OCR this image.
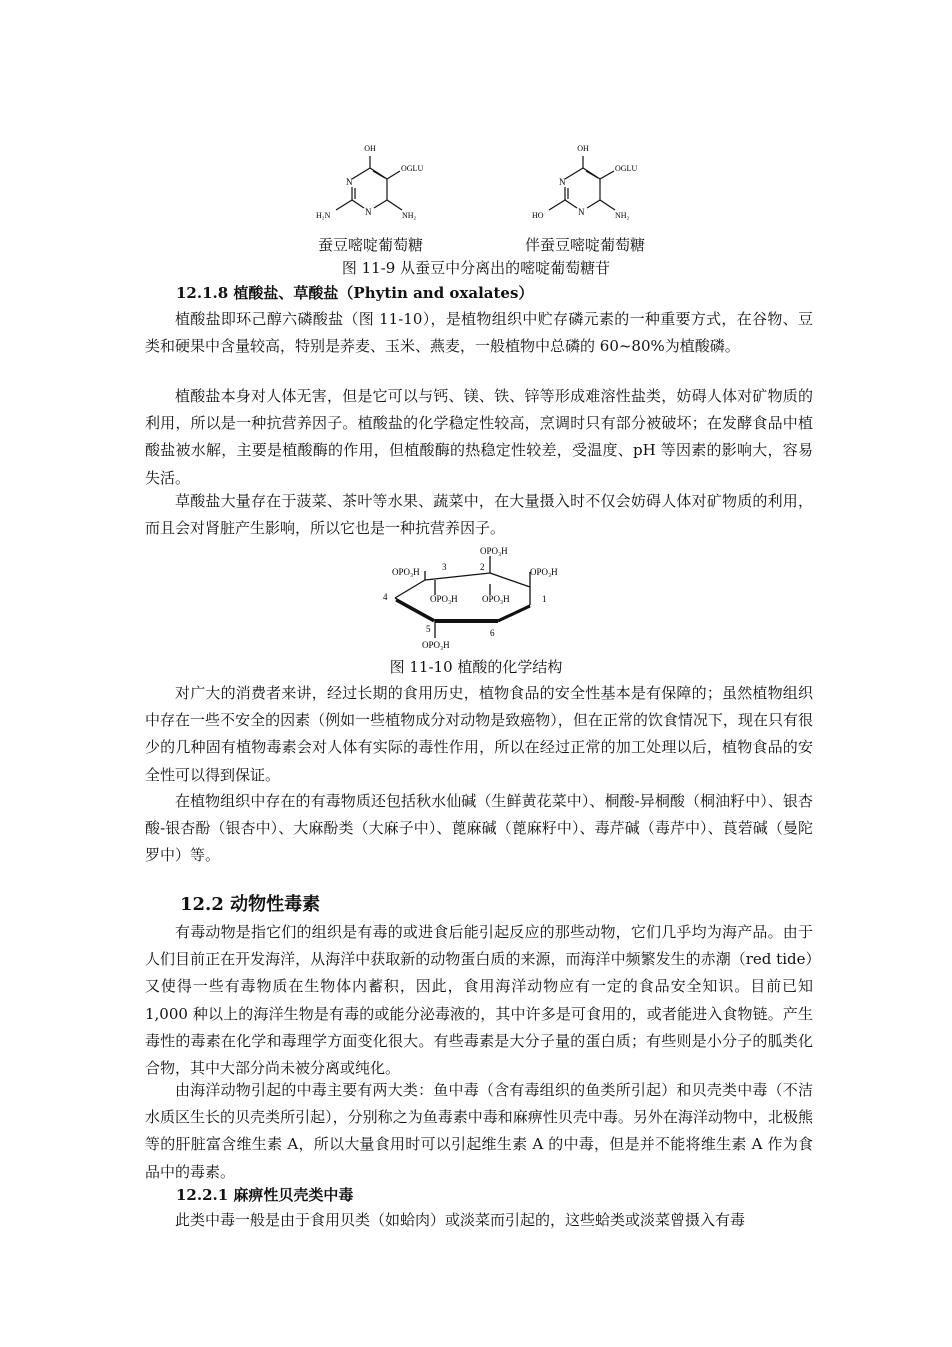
OH
OGLU
N
N
H₂N	NH₂
OH
OGLU
N
N
HO	NH₂
蚕豆嘧啶葡萄糖	伴蚕豆嘧啶葡萄糖
图 11-9 从蚕豆中分离出的嘧啶葡萄糖苷
12.1.8 植酸盐、草酸盐（Phytin and oxalates）

植酸盐即环己醇六磷酸盐（图 11-10），是植物组织中贮存磷元素的一种重要方式，在谷物、豆类和硬果中含量较高，特别是荞麦、玉米、燕麦，一般植物中总磷的 60~80%为植酸磷。

植酸盐本身对人体无害，但是它可以与钙、镁、铁、锌等形成难溶性盐类，妨碍人体对矿物质的利用，所以是一种抗营养因子。植酸盐的化学稳定性较高，烹调时只有部分被破坏；在发酵食品中植酸盐被水解，主要是植酸酶的作用，但植酸酶的热稳定性较差，受温度、pH 等因素的影响大，容易失活。

草酸盐大量存在于菠菜、茶叶等水果、蔬菜中，在大量摄入时不仅会妨碍人体对矿物质的利用，而且会对肾脏产生影响，所以它也是一种抗营养因子。

OPO₃H
OPO₃H	OPO₃H
OPO₃H	OPO₃H
OPO₃H
1
2
3
4
5	6
图 11-10 植酸的化学结构

对广大的消费者来讲，经过长期的食用历史，植物食品的安全性基本是有保障的；虽然植物组织中存在一些不安全的因素（例如一些植物成分对动物是致癌物），但在正常的饮食情况下，现在只有很少的几种固有植物毒素会对人体有实际的毒性作用，所以在经过正常的加工处理以后，植物食品的安全性可以得到保证。

在植物组织中存在的有毒物质还包括秋水仙碱（生鲜黄花菜中）、桐酸-异桐酸（桐油籽中）、银杏酸-银杏酚（银杏中）、大麻酚类（大麻子中）、蓖麻碱（蓖麻籽中）、毒芹碱（毒芹中）、莨菪碱（曼陀罗中）等。

12.2 动物性毒素

有毒动物是指它们的组织是有毒的或进食后能引起反应的那些动物，它们几乎均为海产品。由于人们目前正在开发海洋，从海洋中获取新的动物蛋白质的来源，而海洋中频繁发生的赤潮（red tide）又使得一些有毒物质在生物体内蓄积，因此，食用海洋动物应有一定的食品安全知识。目前已知 1,000 种以上的海洋生物是有毒的或能分泌毒液的，其中许多是可食用的，或者能进入食物链。产生毒性的毒素在化学和毒理学方面变化很大。有些毒素是大分子量的蛋白质；有些则是小分子的胍类化合物，其中大部分尚未被分离或纯化。

由海洋动物引起的中毒主要有两大类：鱼中毒（含有毒组织的鱼类所引起）和贝壳类中毒（不洁水质区生长的贝壳类所引起），分别称之为鱼毒素中毒和麻痹性贝壳中毒。另外在海洋动物中，北极熊等的肝脏富含维生素 A，所以大量食用时可以引起维生素 A 的中毒，但是并不能将维生素 A 作为食品中的毒素。

12.2.1 麻痹性贝壳类中毒

此类中毒一般是由于食用贝类（如蛤肉）或淡菜而引起的，这些蛤类或淡菜曾摄入有毒
